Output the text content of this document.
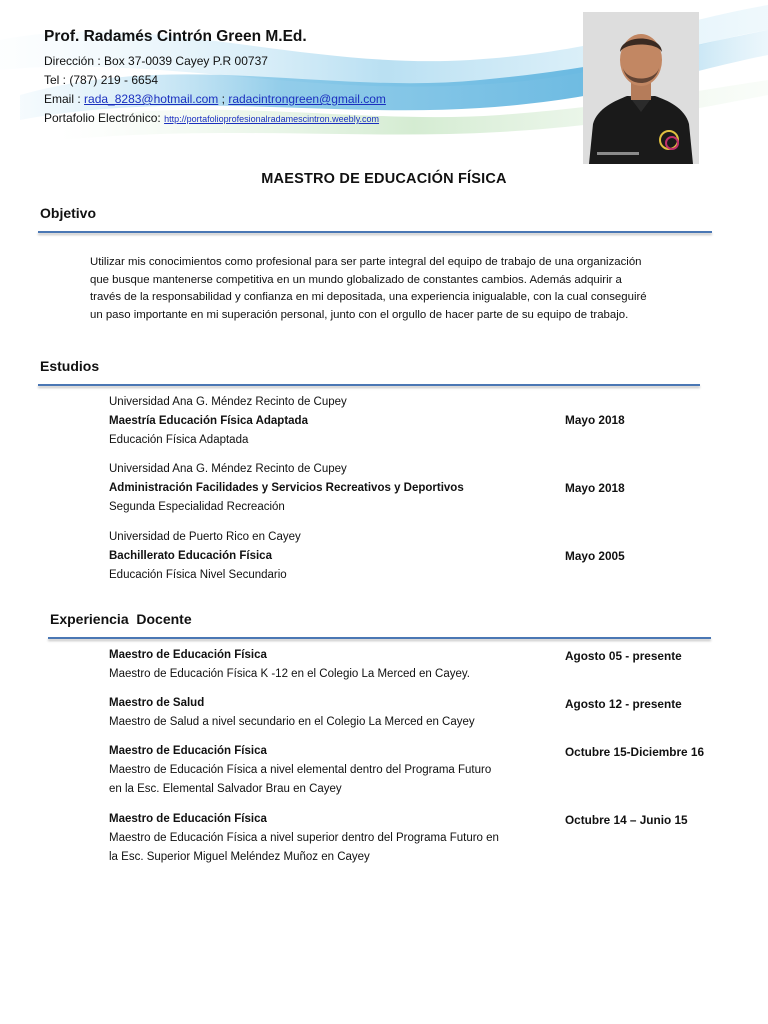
Prof. Radamés Cintrón Green M.Ed.
Dirección : Box 37-0039 Cayey P.R 00737
Tel : (787) 219 - 6654
Email : rada_8283@hotmail.com ; radacintrongreen@gmail.com
Portafolio Electrónico: http://portafolioprofesionalradamescintron.weebly.com
MAESTRO DE EDUCACIÓN FÍSICA
Objetivo
Utilizar mis conocimientos como profesional para ser parte integral del equipo de trabajo de una organización
que busque mantenerse competitiva en un mundo globalizado de constantes cambios. Además adquirir a
través de la responsabilidad y confianza en mi depositada, una experiencia inigualable, con la cual conseguiré
un paso importante en mi superación personal, junto con el orgullo de hacer parte de su equipo de trabajo.
Estudios
Universidad Ana G. Méndez Recinto de Cupey
Maestría Educación Física Adaptada
Educación Física Adaptada
Mayo 2018
Universidad Ana G. Méndez Recinto de Cupey
Administración Facilidades y Servicios Recreativos y Deportivos
Segunda Especialidad Recreación
Mayo 2018
Universidad de Puerto Rico en Cayey
Bachillerato Educación Física
Educación Física Nivel Secundario
Mayo 2005
Experiencia  Docente
Maestro de Educación Física
Maestro de Educación Física K -12 en el Colegio La Merced en Cayey.
Agosto 05 - presente
Maestro de Salud
Maestro de Salud a nivel secundario en el Colegio La Merced en Cayey
Agosto 12 - presente
Maestro de Educación Física
Maestro de Educación Física a nivel elemental dentro del Programa Futuro
en la Esc. Elemental Salvador Brau en Cayey
Octubre 15-Diciembre 16
Maestro de Educación Física
Maestro de Educación Física a nivel superior dentro del Programa Futuro en
la Esc. Superior Miguel Meléndez Muñoz en Cayey
Octubre 14 – Junio 15
